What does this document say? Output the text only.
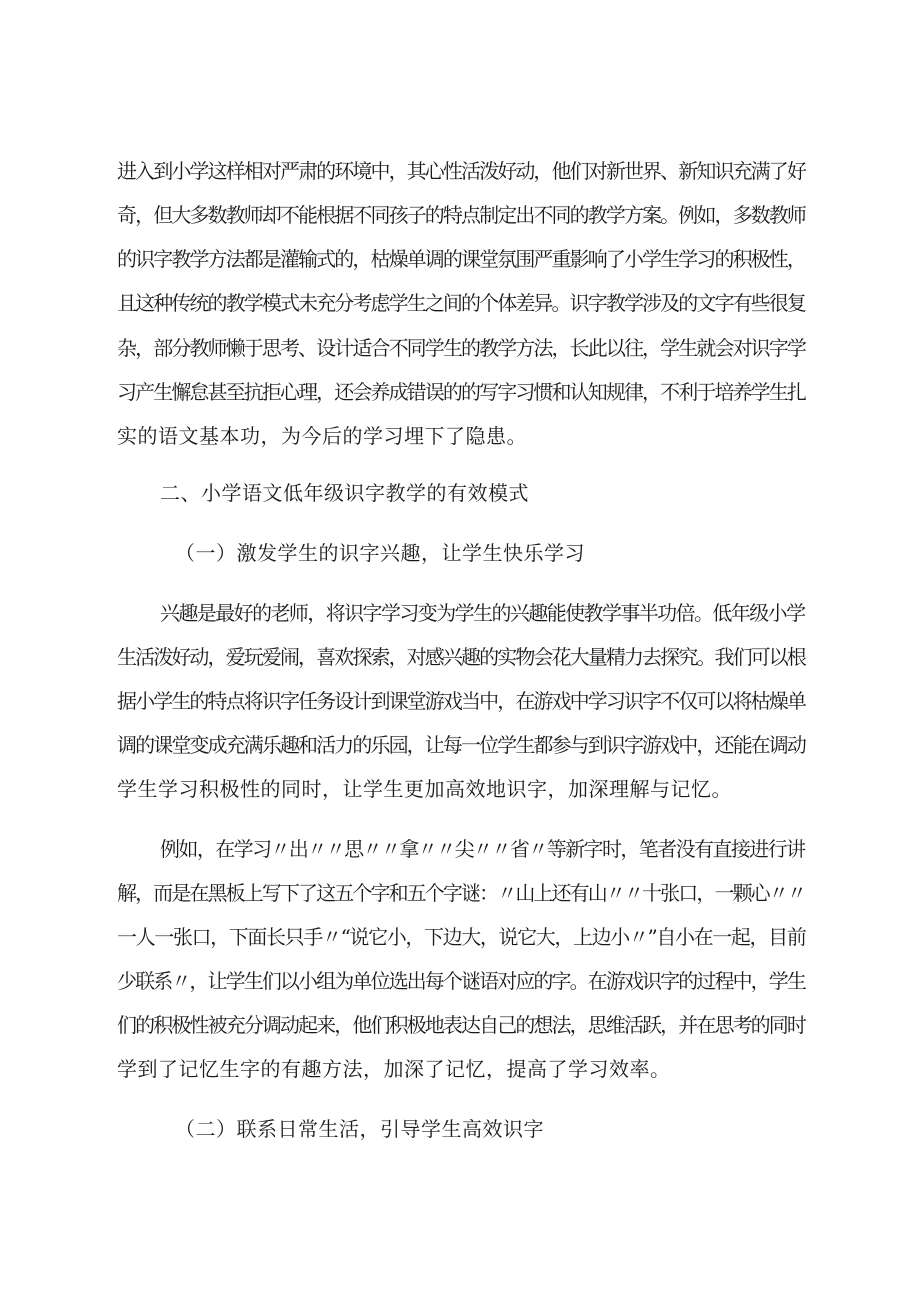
进入到小学这样相对严肃的环境中，其心性活泼好动，他们对新世界、新知识充满了好
奇，但大多数教师却不能根据不同孩子的特点制定出不同的教学方案。例如，多数教师
的识字教学方法都是灌输式的，枯燥单调的课堂氛围严重影响了小学生学习的积极性，
且这种传统的教学模式未充分考虑学生之间的个体差异。识字教学涉及的文字有些很复
杂，部分教师懒于思考、设计适合不同学生的教学方法，长此以往，学生就会对识字学
习产生懈怠甚至抗拒心理，还会养成错误的的写字习惯和认知规律，不利于培养学生扎
实的语文基本功，为今后的学习埋下了隐患。
二、小学语文低年级识字教学的有效模式
（一）激发学生的识字兴趣，让学生快乐学习
兴趣是最好的老师，将识字学习变为学生的兴趣能使教学事半功倍。低年级小学
生活泼好动，爱玩爱闹，喜欢探索，对感兴趣的实物会花大量精力去探究。我们可以根
据小学生的特点将识字任务设计到课堂游戏当中，在游戏中学习识字不仅可以将枯燥单
调的课堂变成充满乐趣和活力的乐园，让每一位学生都参与到识字游戏中，还能在调动
学生学习积极性的同时，让学生更加高效地识字，加深理解与记忆。
例如，在学习〃出〃〃思〃〃拿〃〃尖〃〃省〃等新字时，笔者没有直接进行讲
解，而是在黑板上写下了这五个字和五个字谜：〃山上还有山〃〃十张口，一颗心〃〃
一人一张口，下面长只手〃“说它小，下边大，说它大，上边小〃”自小在一起，目前
少联系〃，让学生们以小组为单位选出每个谜语对应的字。在游戏识字的过程中，学生
们的积极性被充分调动起来，他们积极地表达自己的想法，思维活跃，并在思考的同时
学到了记忆生字的有趣方法，加深了记忆，提高了学习效率。
（二）联系日常生活，引导学生高效识字
